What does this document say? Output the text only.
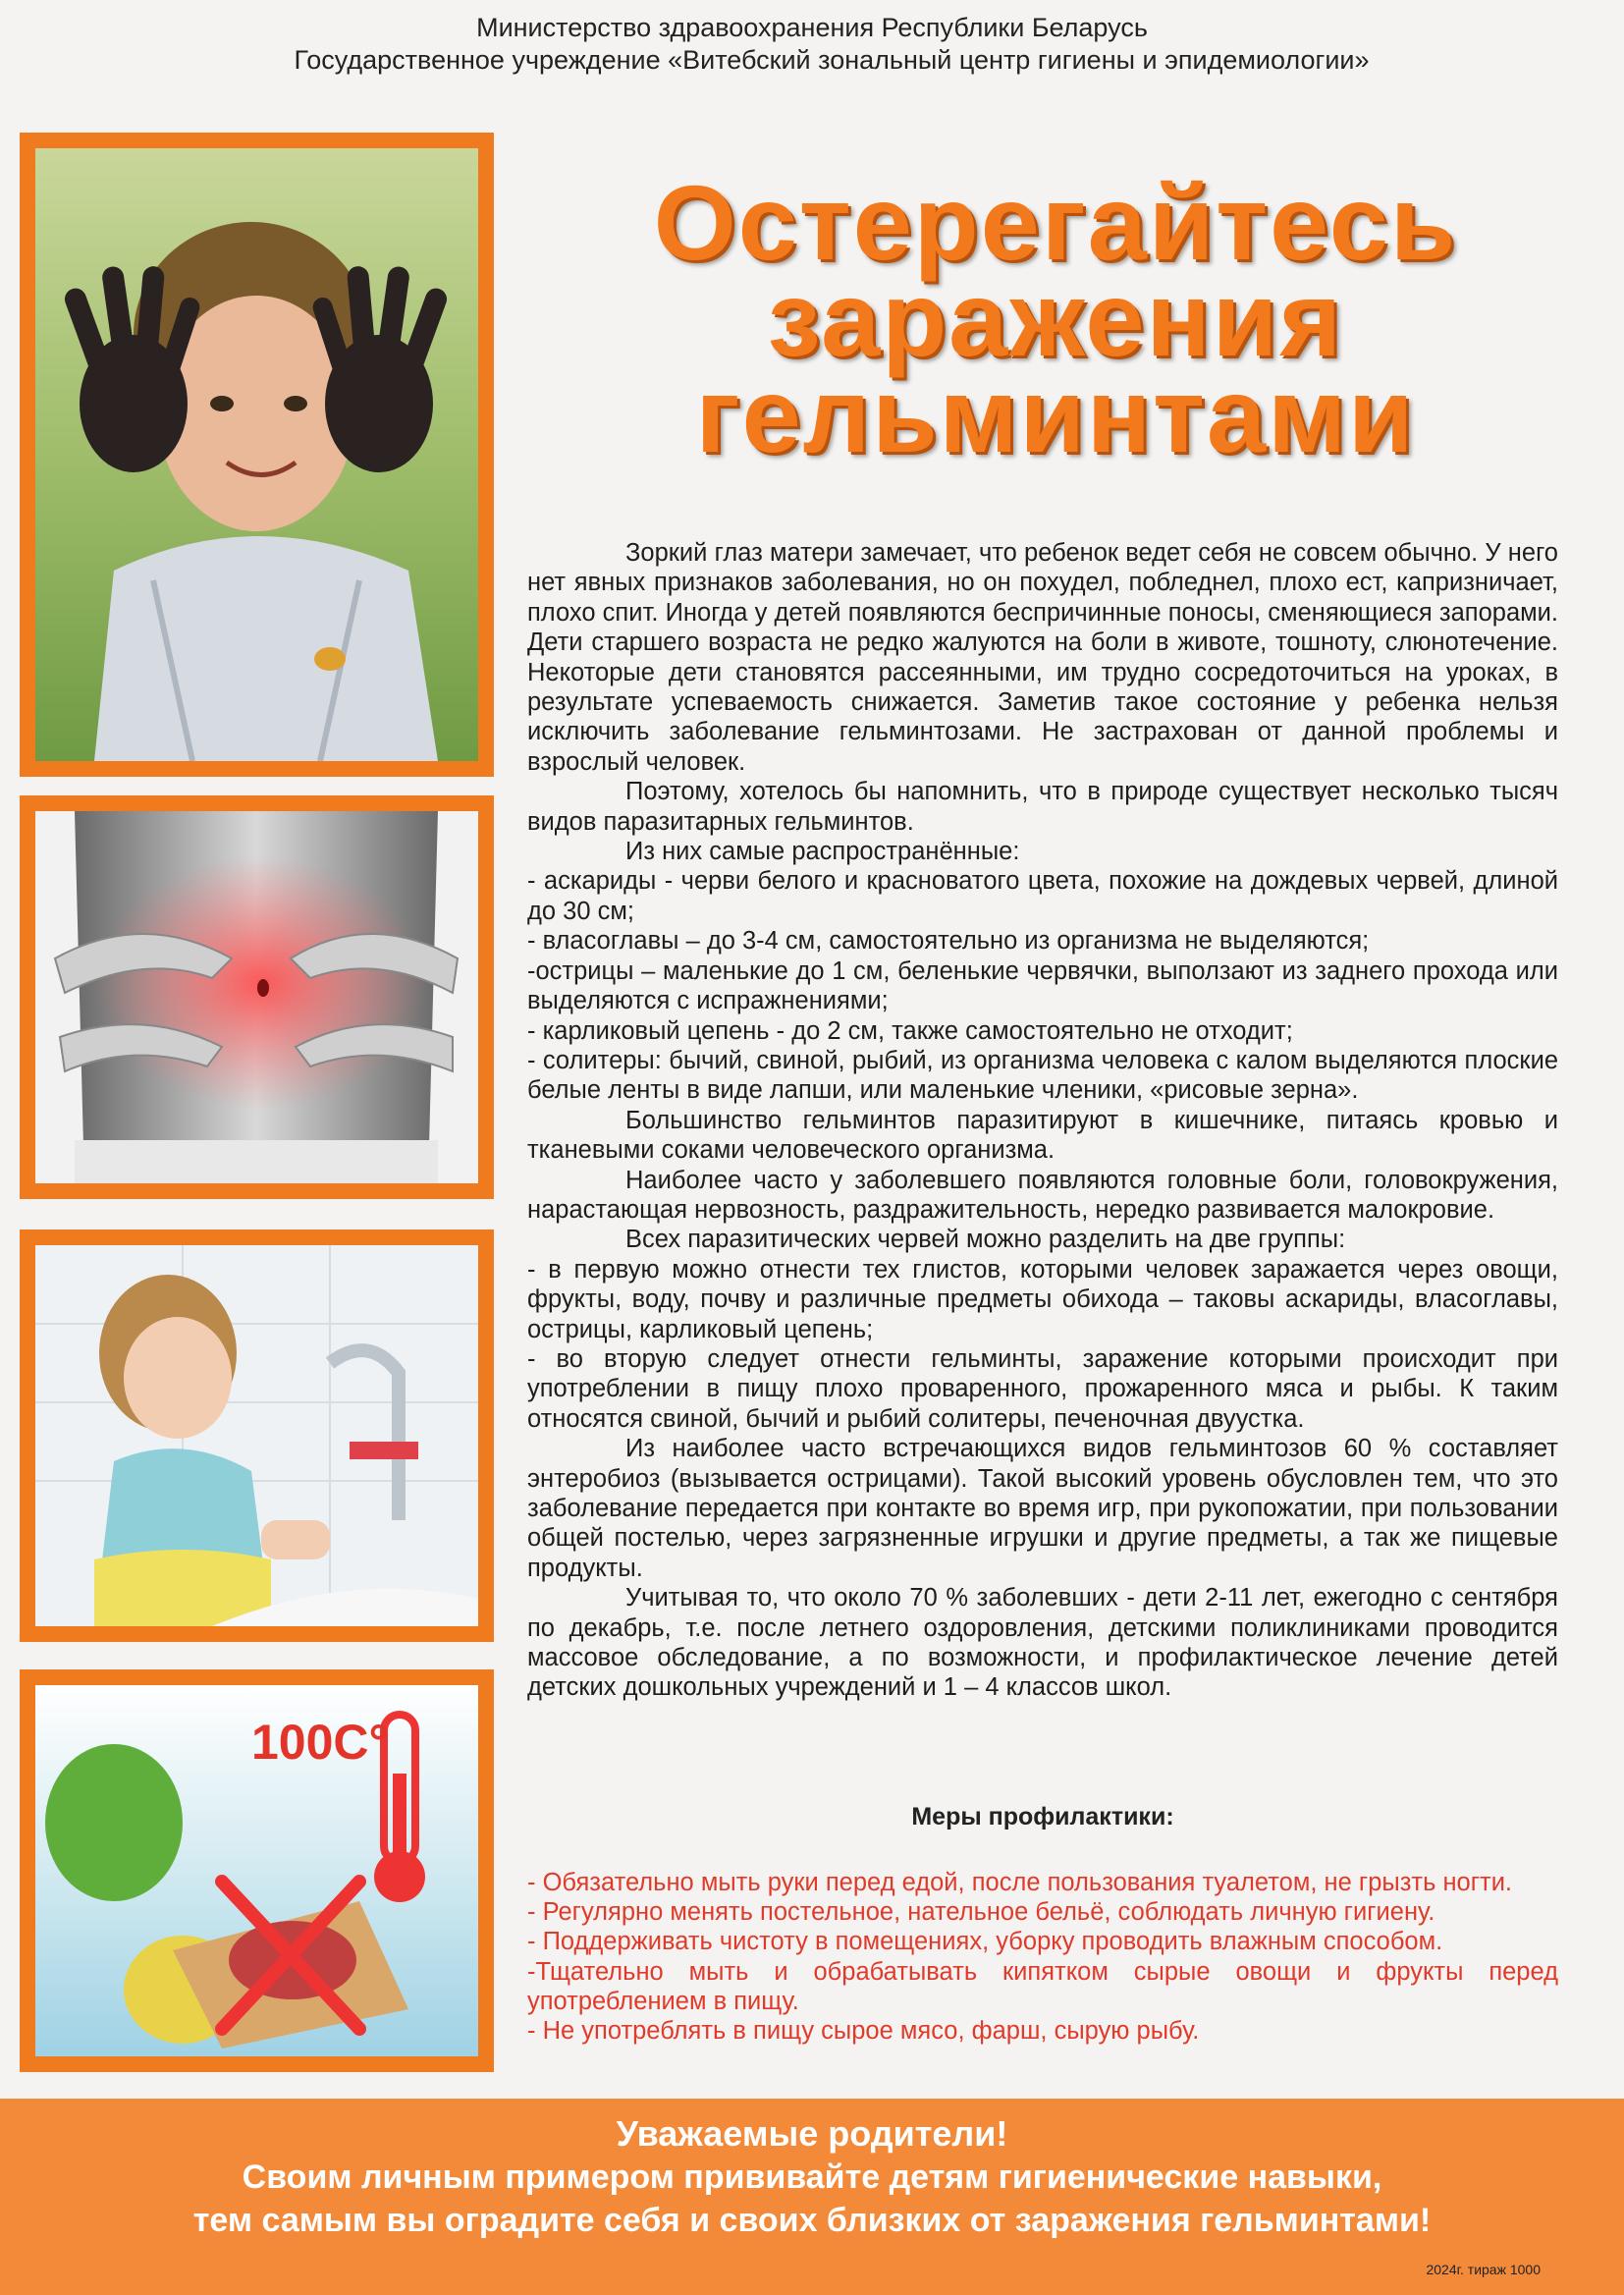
Министерство здравоохранения Республики Беларусь
Государственное учреждение «Витебский зональный центр гигиены и эпидемиологии»
100C°
Остерегайтесь
заражения
гельминтами

Зоркий глаз матери замечает, что ребенок ведет себя не совсем обычно. У него нет явных признаков заболевания, но он похудел, побледнел, плохо ест, капризничает, плохо спит. Иногда у детей появляются беспричинные поносы, сменяющиеся запорами. Дети старшего возраста не редко жалуются на боли в животе, тошноту, слюнотечение. Некоторые дети становятся рассеянными, им трудно сосредоточиться на уроках, в результате успеваемость снижается. Заметив такое состояние у ребенка нельзя исключить заболевание гельминтозами. Не застрахован от данной проблемы и взрослый человек.

Поэтому, хотелось бы напомнить, что в природе существует несколько тысяч видов паразитарных гельминтов.

Из них самые распространённые:

- аскариды - черви белого и красноватого цвета, похожие на дождевых червей, длиной до 30 см;

- власоглавы – до 3-4 см, самостоятельно из организма не выделяются;

-острицы – маленькие до 1 см, беленькие червячки, выползают из заднего прохода или выделяются с испражнениями;

- карликовый цепень - до 2 см, также самостоятельно не отходит;

- солитеры: бычий, свиной, рыбий, из организма человека с калом выделяются плоские белые ленты в виде лапши, или маленькие членики, «рисовые зерна».

Большинство гельминтов паразитируют в кишечнике, питаясь кровью и тканевыми соками человеческого организма.

Наиболее часто у заболевшего появляются головные боли, головокружения, нарастающая нервозность, раздражительность, нередко развивается малокровие.

Всех паразитических червей можно разделить на две группы:

- в первую можно отнести тех глистов, которыми человек заражается через овощи, фрукты, воду, почву и различные предметы обихода – таковы аскариды, власоглавы, острицы, карликовый цепень;

- во вторую следует отнести гельминты, заражение которыми происходит при употреблении в пищу плохо проваренного, прожаренного мяса и рыбы. К таким относятся свиной, бычий и рыбий солитеры, печеночная двуустка.

Из наиболее часто встречающихся видов гельминтозов 60 % составляет энтеробиоз (вызывается острицами). Такой высокий уровень обусловлен тем, что это заболевание передается при контакте во время игр, при рукопожатии, при пользовании общей постелью, через загрязненные игрушки и другие предметы, а так же пищевые продукты.

Учитывая то, что около 70 % заболевших - дети 2-11 лет, ежегодно с сентября по декабрь, т.е. после летнего оздоровления, детскими поликлиниками проводится массовое обследование, а по возможности, и профилактическое лечение детей детских дошкольных учреждений и 1 – 4 классов школ.

Меры профилактики:

- Обязательно мыть руки перед едой, после пользования туалетом, не грызть ногти.

- Регулярно менять постельное, нательное бельё, соблюдать личную гигиену.

- Поддерживать чистоту в помещениях, уборку проводить влажным способом.

-Тщательно мыть и обрабатывать кипятком сырые овощи и фрукты перед употреблением в пищу.

- Не употреблять в пищу сырое мясо, фарш, сырую рыбу.

Уважаемые родители!
Своим личным примером прививайте детям гигиенические навыки,
тем самым вы оградите себя и своих близких от заражения гельминтами!
2024г. тираж 1000
